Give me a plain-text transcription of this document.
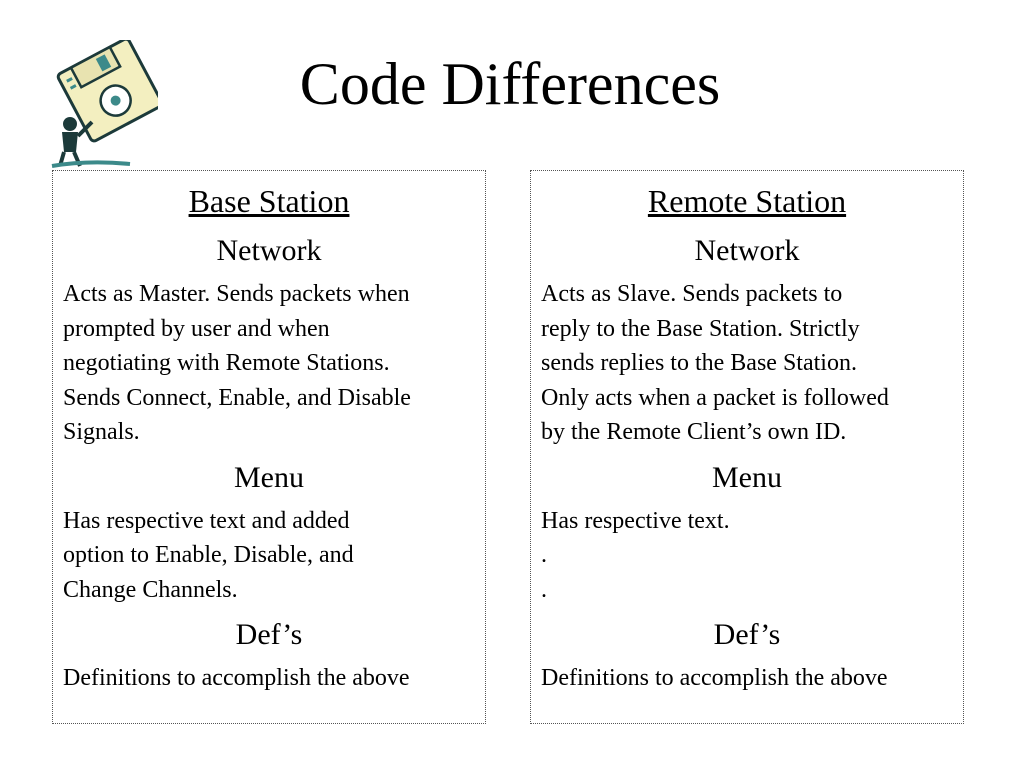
Code Differences

Base Station

Network

Acts as Master. Sends packets when
prompted by user and when
negotiating with Remote Stations.
Sends Connect, Enable, and Disable
Signals.

Menu

Has respective text and added
option to Enable, Disable, and
Change Channels.

Def’s

Definitions to accomplish the above

Remote Station

Network

Acts as Slave. Sends packets to
reply to the Base Station. Strictly
sends replies to the Base Station.
Only acts when a packet is followed
by the Remote Client’s own ID.

Menu

Has respective text.
.
.

Def’s

Definitions to accomplish the above
